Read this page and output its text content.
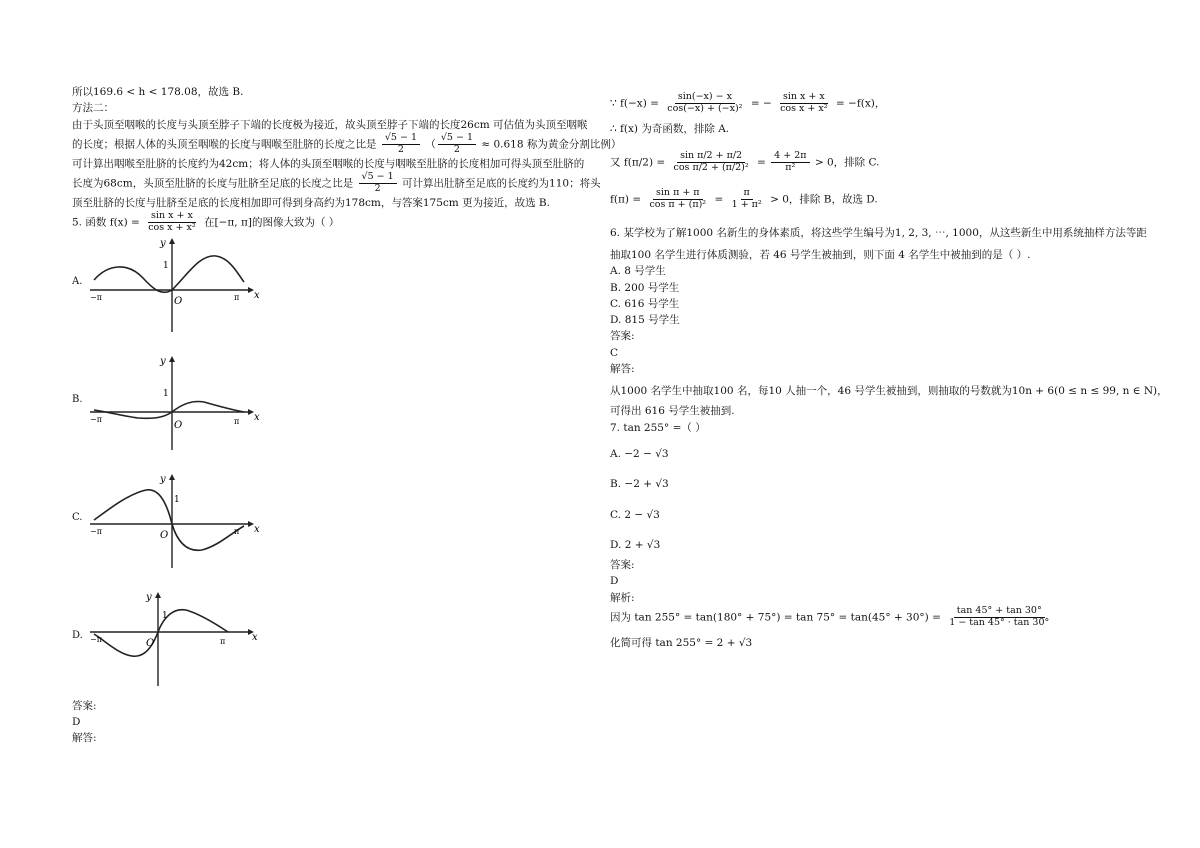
所以169.6 < h < 178.08，故选 B.

方法二：

由于头顶至咽喉的长度与头顶至脖子下端的长度极为接近，故头顶至脖子下端的长度26cm 可估值为头顶至咽喉

的长度；根据人体的头顶至咽喉的长度与咽喉至肚脐的长度之比是 $\frac{√5 - 1}{2}$ （ $\frac{√5 - 1}{2} \approx 0.618$ 称为黄金分割比例）

可计算出咽喉至肚脐的长度约为42cm；将人体的头顶至咽喉的长度与咽喉至肚脐的长度相加可得头顶至肚脐的

长度为68cm，头顶至肚脐的长度与肚脐至足底的长度之比是 $\frac{√5 - 1}{2}$ 可计算出肚脐至足底的长度约为110；将头

顶至肚脐的长度与肚脐至足底的长度相加即可得到身高约为178cm，与答案175cm 更为接近，故选 B.

5. 函数 $f(x) = \frac{\text{sin x + x}}{\text{cos x + x²}}$ 在[−π, π]的图像大致为（ ）

A.
y
x
1
O
−π	π
B.
y
x
1
O
−π	π
C.
y
x
1
O
−π	π
D.
y
x
1
O
−π	π

答案:

D

解答:

∵ $f(-x) = \frac{\sin(-x) - x}{\text{cos(−x) + (−x)²}}$ = − $\frac{\text{sin x + x}}{\text{cos x + x²}} = -f(x)$，

∴ f(x) 为奇函数，排除 A.

又 $f(\pi/2) = \frac{\text{sin π/2 + π/2}}{\text{cos π/2 + (π/2)²}} = \frac{4 + 2\pi}{\text{π²}} > 0$，排除 C.

$f(\pi) = \frac{\text{sin π + π}}{\text{cos π + (π)²}} = \frac{\pi}{\text{1 + π²}} > 0$，排除 B，故选 D.

6. 某学校为了解1000 名新生的身体素质，将这些学生编号为1, 2, 3, ⋯, 1000，从这些新生中用系统抽样方法等距

抽取100 名学生进行体质测验，若 46 号学生被抽到，则下面 4 名学生中被抽到的是（ ）.

A. 8 号学生

B. 200 号学生

C. 616 号学生

D. 815 号学生

答案:

C

解答:

从1000 名学生中抽取100 名，每10 人抽一个，46 号学生被抽到，则抽取的号数就为10n + 6(0 ≤ n ≤ 99, n ∈ N)，

可得出 616 号学生被抽到.

7. tan 255° =（ ）

A. −2 − √3

B. −2 + √3

C. 2 − √3

D. 2 + √3

答案:

D

解析:

因为 $\tan 255^\circ = \tan(180^\circ + 75^\circ) = \tan 75^\circ = \tan(45^\circ + 30^\circ) = \frac{\tan 45^\circ + \tan 30^\circ}{1 - \tan 45^\circ \cdot \tan 30^\circ}$

化简可得 tan 255° = 2 + √3
